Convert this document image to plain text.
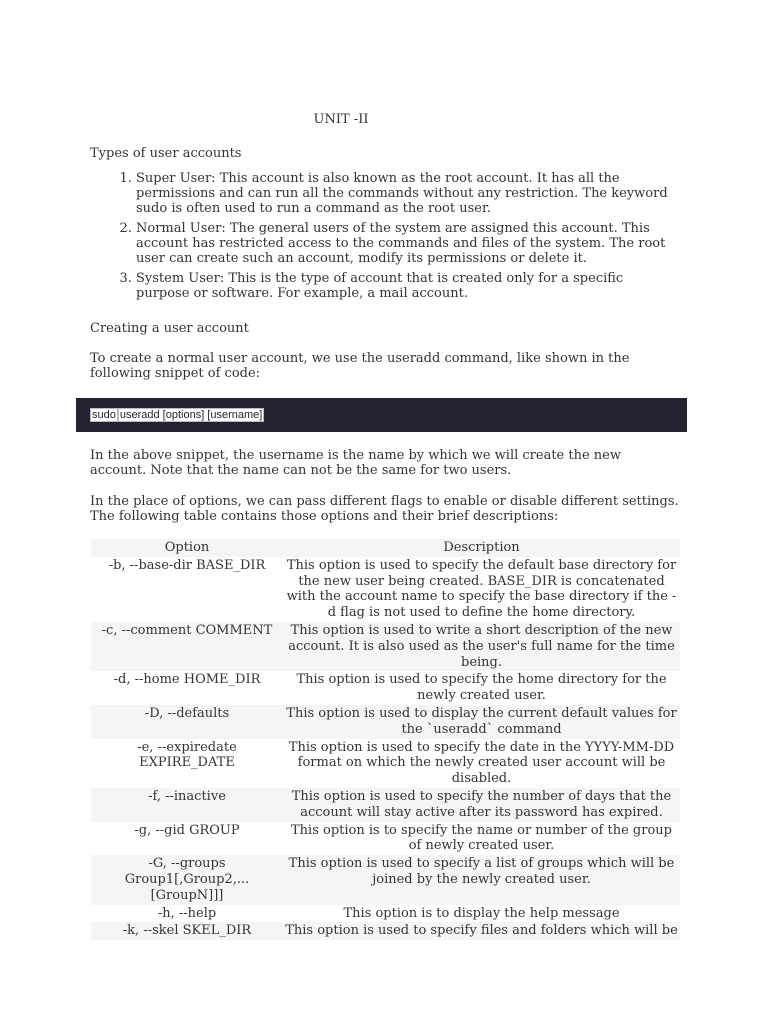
UNIT -II

Types of user accounts

1. Super User: This account is also known as the root account. It has all the permissions and can run all the commands without any restriction. The keyword sudo is often used to run a command as the root user.
2. Normal User: The general users of the system are assigned this account. This account has restricted access to the commands and files of the system. The root user can create such an account, modify its permissions or delete it.
3. System User: This is the type of account that is created only for a specific purpose or software. For example, a mail account.

Creating a user account

To create a normal user account, we use the useradd command, like shown in the following snippet of code:

sudo useradd [options] [username]

In the above snippet, the username is the name by which we will create the new account. Note that the name can not be the same for two users.

In the place of options, we can pass different flags to enable or disable different settings. The following table contains those options and their brief descriptions:

Option	Description
-b, --base-dir BASE_DIR	This option is used to specify the default base directory for the new user being created. BASE_DIR is concatenated with the account name to specify the base directory if the -d flag is not used to define the home directory.
-c, --comment COMMENT	This option is used to write a short description of the new account. It is also used as the user's full name for the time being.
-d, --home HOME_DIR	This option is used to specify the home directory for the newly created user.
-D, --defaults	This option is used to display the current default values for the `useradd` command
-e, --expiredate EXPIRE_DATE	This option is used to specify the date in the YYYY-MM-DD format on which the newly created user account will be disabled.
-f, --inactive	This option is used to specify the number of days that the account will stay active after its password has expired.
-g, --gid GROUP	This option is to specify the name or number of the group of newly created user.
-G, --groups Group1[,Group2,...[GroupN]]]	This option is used to specify a list of groups which will be joined by the newly created user.
-h, --help	This option is to display the help message
-k, --skel SKEL_DIR	This option is used to specify files and folders which will be
